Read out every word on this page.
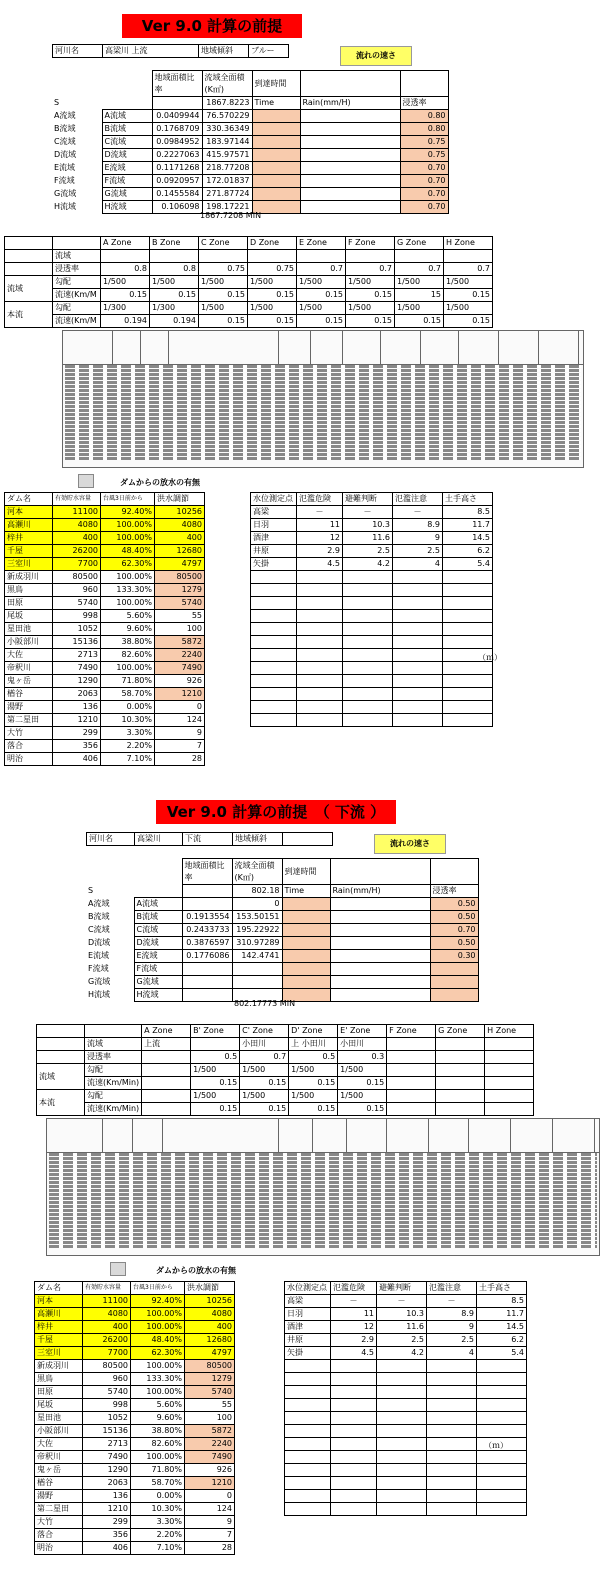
Ver 9.0 計算の前提
流れの速さ
河川名	高梁川 上流	地域傾斜	ブルー
		地域面積比率	流域全面積(K㎡)	到達時間		
S			1867.8223	Time	Rain(mm/H)	浸透率
A流域	A流域	0.0409944	76.570229			0.80
B流域	B流域	0.1768709	330.36349			0.80
C流域	C流域	0.0984952	183.97144			0.75
D流域	D流域	0.2227063	415.97571			0.75
E流域	E流域	0.1171268	218.77208			0.70
F流域	F流域	0.0920957	172.01837			0.70
G流域	G流域	0.1455584	271.87724			0.70
H流域	H流域	0.106098	198.17221			0.70
1867.7208 MIN
		A Zone	B Zone	C Zone	D Zone	E Zone	F Zone	G Zone	H Zone
	流域								
	浸透率	0.8	0.8	0.75	0.75	0.7	0.7	0.7	0.7
流域	勾配	1/500	1/500	1/500	1/500	1/500	1/500	1/500	1/500
	流速(Km/M	0.15	0.15	0.15	0.15	0.15	0.15	15	0.15
本流	勾配	1/300	1/300	1/500	1/500	1/500	1/500	1/500	1/500
	流速(Km/M	0.194	0.194	0.15	0.15	0.15	0.15	0.15	0.15
ダムからの放水の有無
ダム名	有効貯水容量	台風3日前から	洪水調節
河本	11100	92.40%	10256
高瀬川	4080	100.00%	4080
梓井	400	100.00%	400
千屋	26200	48.40%	12680
三室川	7700	62.30%	4797
新成羽川	80500	100.00%	80500
黒鳥	960	133.30%	1279
田原	5740	100.00%	5740
尾坂	998	5.60%	55
星田池	1052	9.60%	100
小阪部川	15136	38.80%	5872
大佐	2713	82.60%	2240
帝釈川	7490	100.00%	7490
鬼ヶ岳	1290	71.80%	926
楢谷	2063	58.70%	1210
湯野	136	0.00%	0
第二星田	1210	10.30%	124
大竹	299	3.30%	9
落合	356	2.20%	7
明治	406	7.10%	28
水位測定点	氾濫危険	避難判断	氾濫注意	土手高さ
高梁	－	－	－	8.5
日羽	11	10.3	8.9	11.7
酒津	12	11.6	9	14.5
井原	2.9	2.5	2.5	6.2
矢掛	4.5	4.2	4	5.4

（ｍ）
Ver 9.0 計算の前提　（ 下流 ）
流れの速さ
河川名	高梁川	下流	地域傾斜	
		地域面積比率	流域全面積(K㎡)	到達時間		
S			802.18	Time	Rain(mm/H)	浸透率
A流域	A流域		0			0.50
B流域	B流域	0.1913554	153.50151			0.50
C流域	C流域	0.2433733	195.22922			0.70
D流域	D流域	0.3876597	310.97289			0.50
E流域	E流域	0.1776086	142.4741			0.30
F流域	F流域					
G流域	G流域					
H流域	H流域					
802.17773 MIN
		A Zone	B' Zone	C' Zone	D' Zone	E' Zone	F Zone	G Zone	H Zone
	流域	上流		小田川	上 小田川	小田川			
	浸透率		0.5	0.7	0.5	0.3			
流域	勾配		1/500	1/500	1/500	1/500			
	流速(Km/Min)		0.15	0.15	0.15	0.15			
本流	勾配		1/500	1/500	1/500	1/500			
	流速(Km/Min)		0.15	0.15	0.15	0.15			
ダムからの放水の有無
ダム名	有効貯水容量	台風3日前から	洪水調節
河本	11100	92.40%	10256
高瀬川	4080	100.00%	4080
梓井	400	100.00%	400
千屋	26200	48.40%	12680
三室川	7700	62.30%	4797
新成羽川	80500	100.00%	80500
黒鳥	960	133.30%	1279
田原	5740	100.00%	5740
尾坂	998	5.60%	55
星田池	1052	9.60%	100
小阪部川	15136	38.80%	5872
大佐	2713	82.60%	2240
帝釈川	7490	100.00%	7490
鬼ヶ岳	1290	71.80%	926
楢谷	2063	58.70%	1210
湯野	136	0.00%	0
第二星田	1210	10.30%	124
大竹	299	3.30%	9
落合	356	2.20%	7
明治	406	7.10%	28
水位測定点	氾濫危険	避難判断	氾濫注意	土手高さ
高梁	－	－	－	8.5
日羽	11	10.3	8.9	11.7
酒津	12	11.6	9	14.5
井原	2.9	2.5	2.5	6.2
矢掛	4.5	4.2	4	5.4

（ｍ）
